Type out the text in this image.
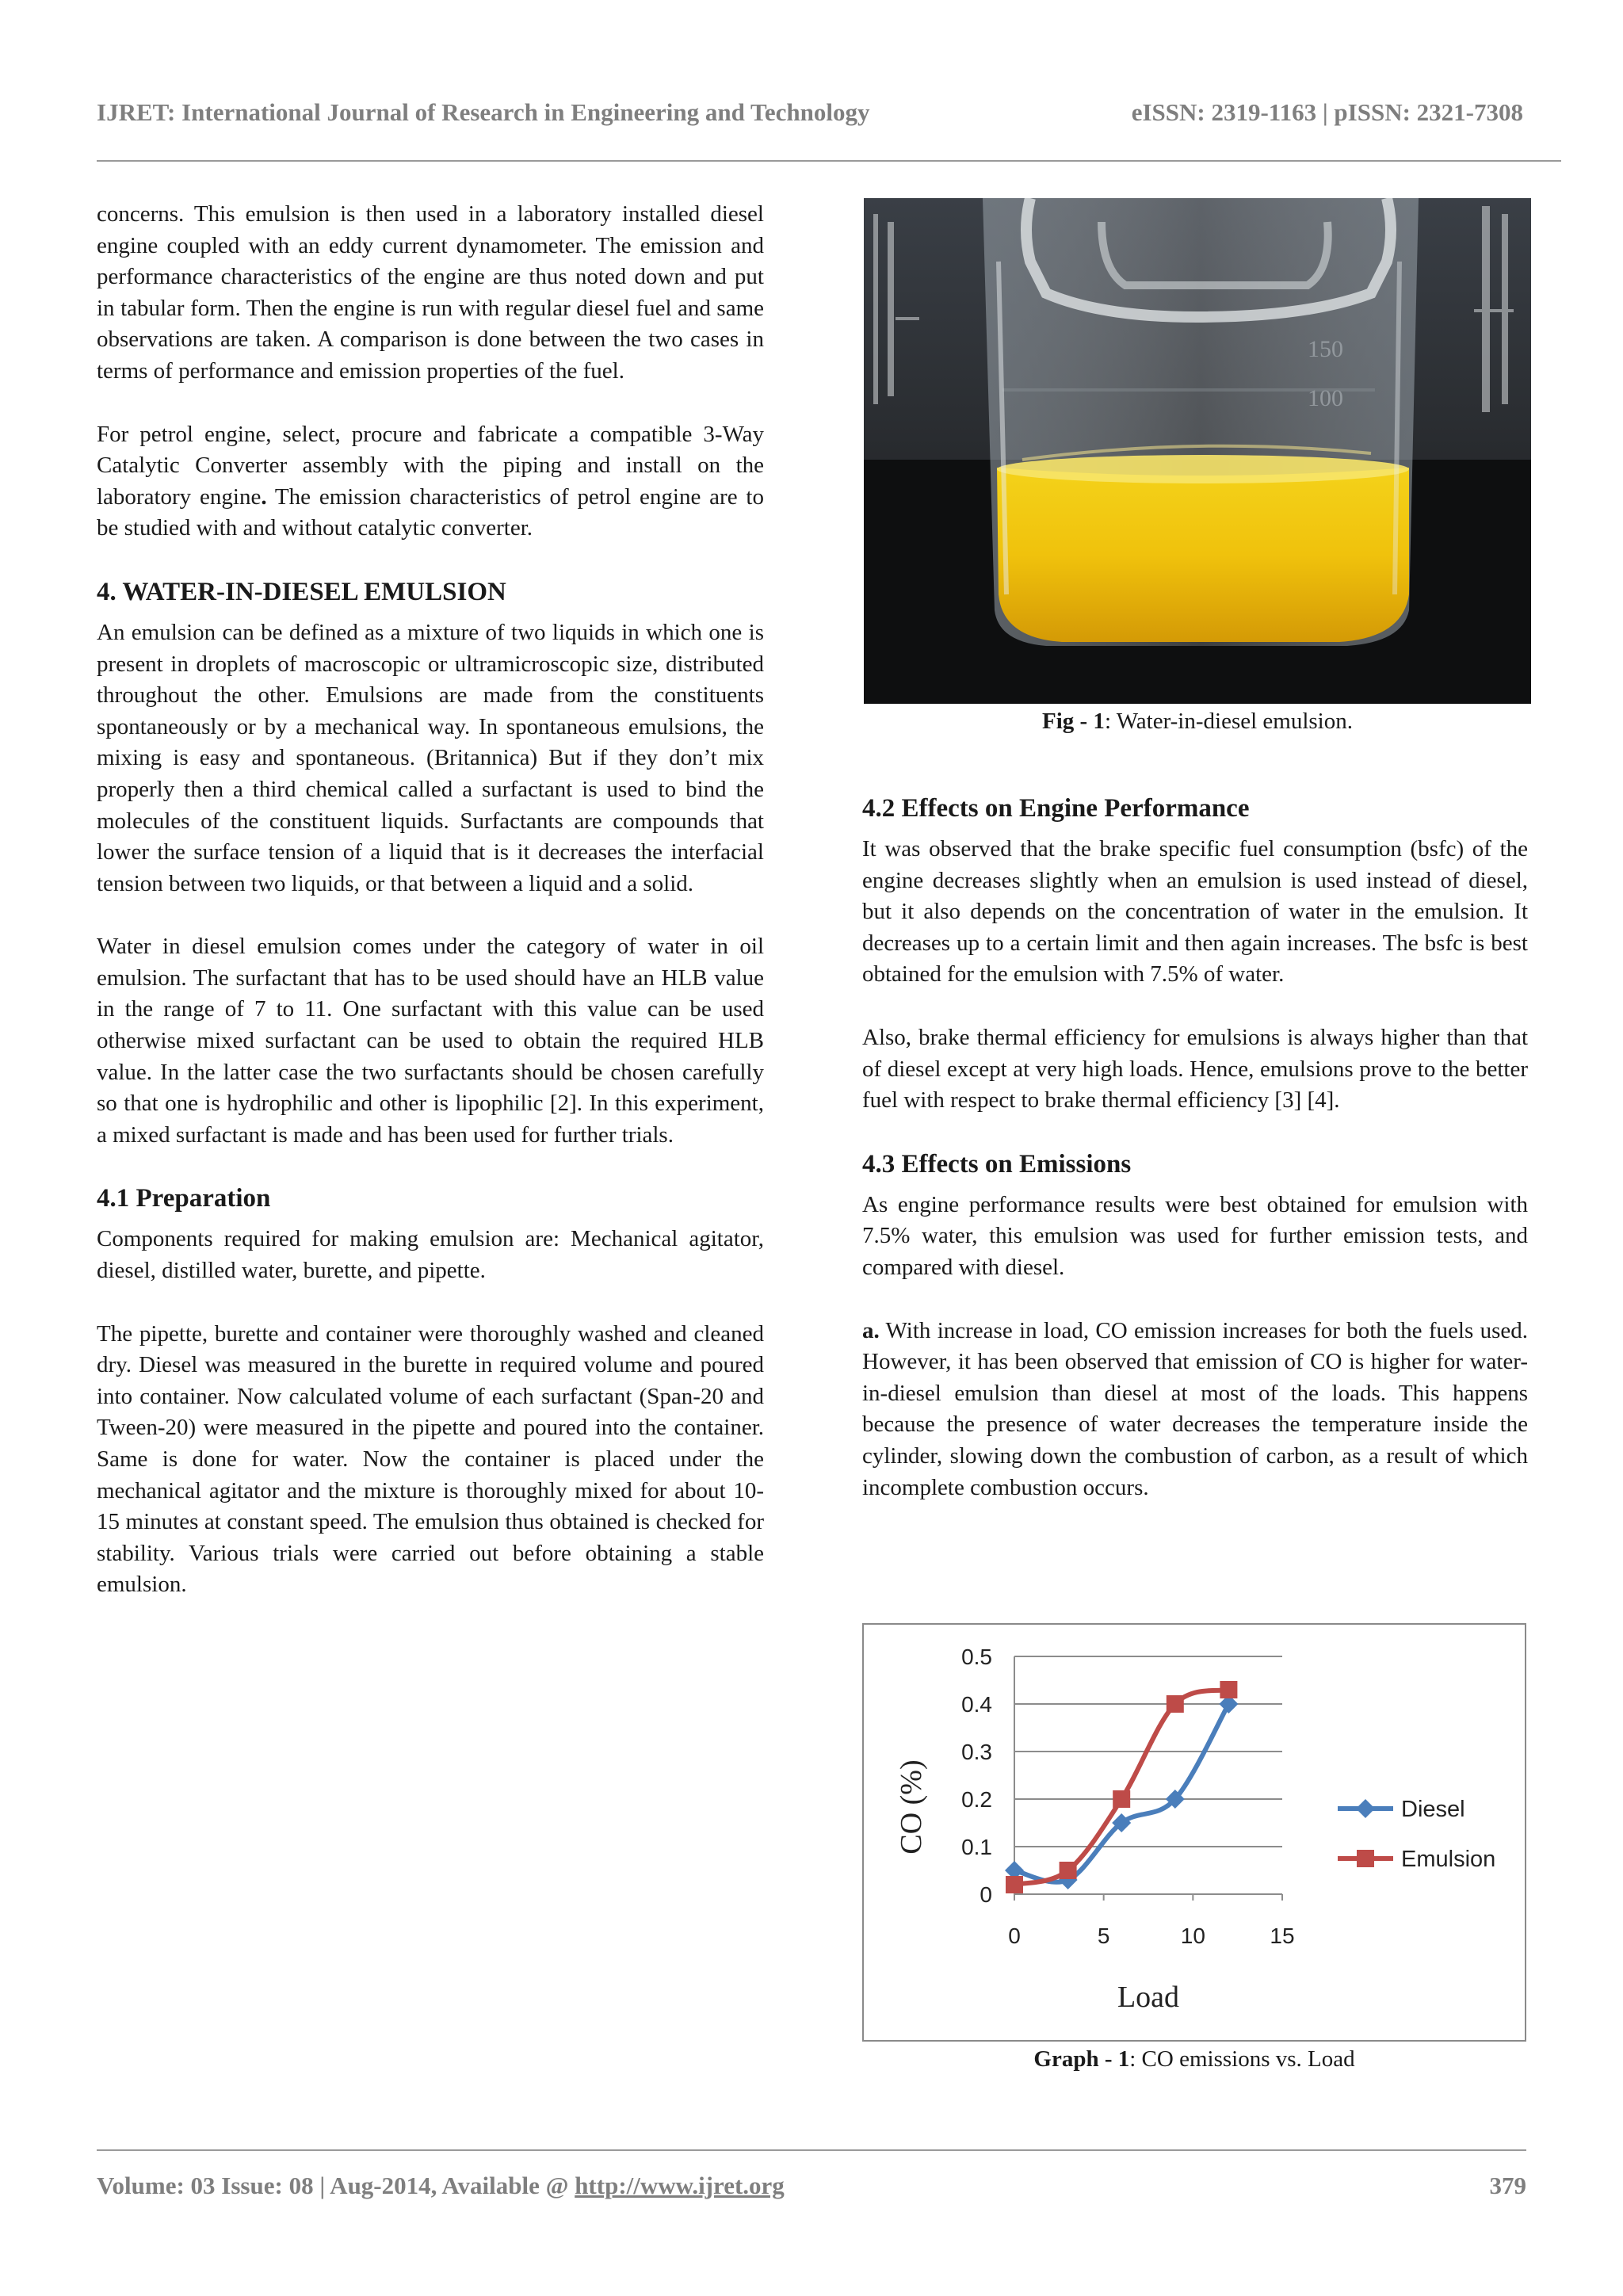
IJRET: International Journal of Research in Engineering and Technology	eISSN: 2319-1163 | pISSN: 2321-7308

concerns. This emulsion is then used in a laboratory installed diesel engine coupled with an eddy current dynamometer. The emission and performance characteristics of the engine are thus noted down and put in tabular form. Then the engine is run with regular diesel fuel and same observations are taken. A comparison is done between the two cases in terms of performance and emission properties of the fuel.

For petrol engine, select, procure and fabricate a compatible 3-Way Catalytic Converter assembly with the piping and install on the laboratory engine. The emission characteristics of petrol engine are to be studied with and without catalytic converter.

4. WATER-IN-DIESEL EMULSION

An emulsion can be defined as a mixture of two liquids in which one is present in droplets of macroscopic or ultramicroscopic size, distributed throughout the other. Emulsions are made from the constituents spontaneously or by a mechanical way. In spontaneous emulsions, the mixing is easy and spontaneous. (Britannica) But if they don’t mix properly then a third chemical called a surfactant is used to bind the molecules of the constituent liquids. Surfactants are compounds that lower the surface tension of a liquid that is it decreases the interfacial tension between two liquids, or that between a liquid and a solid.

Water in diesel emulsion comes under the category of water in oil emulsion. The surfactant that has to be used should have an HLB value in the range of 7 to 11. One surfactant with this value can be used otherwise mixed surfactant can be used to obtain the required HLB value. In the latter case the two surfactants should be chosen carefully so that one is hydrophilic and other is lipophilic [2]. In this experiment, a mixed surfactant is made and has been used for further trials.

4.1 Preparation

Components required for making emulsion are: Mechanical agitator, diesel, distilled water, burette, and pipette.

The pipette, burette and container were thoroughly washed and cleaned dry. Diesel was measured in the burette in required volume and poured into container. Now calculated volume of each surfactant (Span-20 and Tween-20) were measured in the pipette and poured into the container. Same is done for water. Now the container is placed under the mechanical agitator and the mixture is thoroughly mixed for about 10- 15 minutes at constant speed. The emulsion thus obtained is checked for stability. Various trials were carried out before obtaining a stable emulsion.

150
100
Fig - 1: Water-in-diesel emulsion.
4.2 Effects on Engine Performance

It was observed that the brake specific fuel consumption (bsfc) of the engine decreases slightly when an emulsion is used instead of diesel, but it also depends on the concentration of water in the emulsion. It decreases up to a certain limit and then again increases. The bsfc is best obtained for the emulsion with 7.5% of water.

Also, brake thermal efficiency for emulsions is always higher than that of diesel except at very high loads. Hence, emulsions prove to the better fuel with respect to brake thermal efficiency [3] [4].

4.3 Effects on Emissions

As engine performance results were best obtained for emulsion with 7.5% water, this emulsion was used for further emission tests, and compared with diesel.

a. With increase in load, CO emission increases for both the fuels used. However, it has been observed that emission of CO is higher for water-in-diesel emulsion than diesel at most of the loads. This happens because the presence of water decreases the temperature inside the cylinder, slowing down the combustion of carbon, as a result of which incomplete combustion occurs.

0
0.1
0.2
0.3
0.4
0.5
0	5	10	15
Load
CO (%)	Diesel
Emulsion
Graph - 1: CO emissions vs. Load
Volume: 03 Issue: 08 | Aug-2014, Available @ http://www.ijret.org	379
